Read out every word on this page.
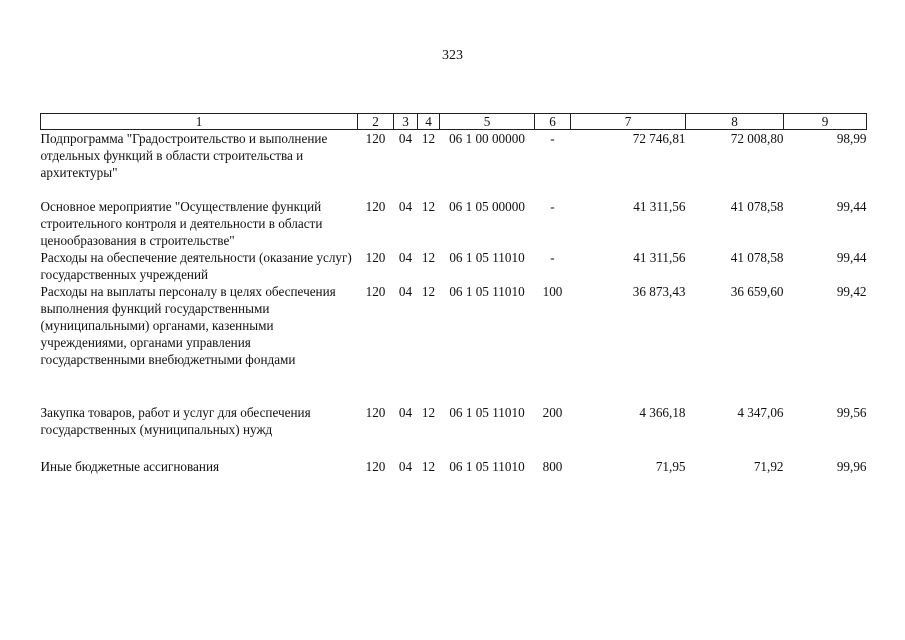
323
1	2	3	4	5	6	7	8	9
Подпрограмма "Градостроительство и выполнение отдельных функций в области строительства и архитектуры"	120	04	12	06 1 00 00000	-	72 746,81	72 008,80	98,99

Основное мероприятие "Осуществление функций строительного контроля и деятельности в области ценообразования в строительстве"	120	04	12	06 1 05 00000	-	41 311,56	41 078,58	99,44

Расходы на обеспечение деятельности (оказание услуг) государственных учреждений	120	04	12	06 1 05 11010	-	41 311,56	41 078,58	99,44
Расходы на выплаты персоналу в целях обеспечения выполнения функций государственными (муниципальными) органами, казенными учреждениями, органами управления государственными внебюджетными фондами	120	04	12	06 1 05 11010	100	36 873,43	36 659,60	99,42

Закупка товаров, работ и услуг для обеспечения государственных (муниципальных) нужд	120	04	12	06 1 05 11010	200	4 366,18	4 347,06	99,56

Иные бюджетные ассигнования	120	04	12	06 1 05 11010	800	71,95	71,92	99,96
